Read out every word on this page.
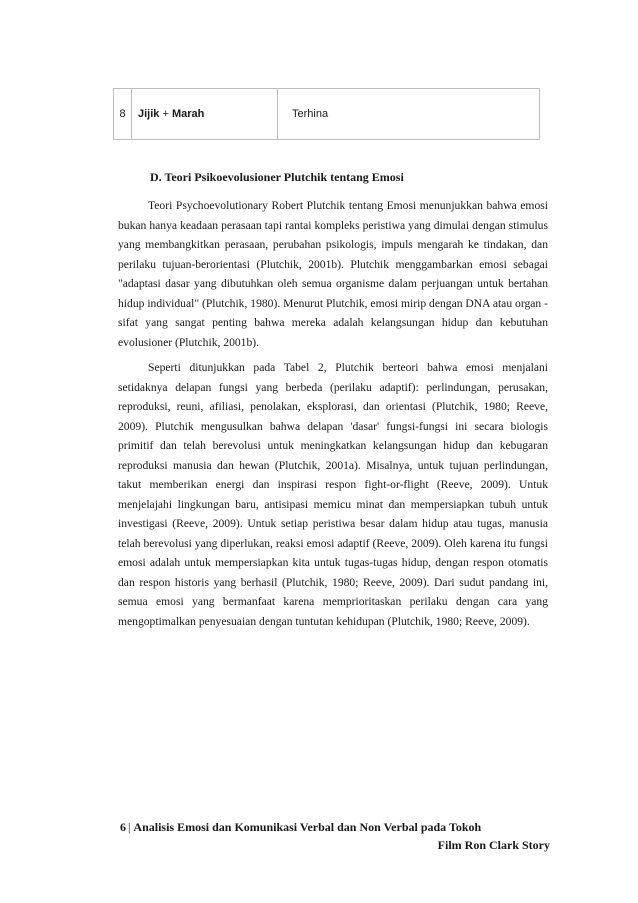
8	Jijik
+
Marah	Terhina
D. Teori Psikoevolusioner Plutchik tentang Emosi

Teori Psychoevolutionary Robert Plutchik tentang Emosi menunjukkan bahwa emosi bukan hanya keadaan perasaan tapi rantai kompleks peristiwa yang dimulai dengan stimulus yang membangkitkan perasaan, perubahan psikologis, impuls mengarah ke tindakan, dan perilaku tujuan-berorientasi (Plutchik, 2001b). Plutchik menggambarkan emosi sebagai "adaptasi dasar yang dibutuhkan oleh semua organisme dalam perjuangan untuk bertahan hidup individual" (Plutchik, 1980). Menurut Plutchik, emosi mirip dengan DNA atau organ - sifat yang sangat penting bahwa mereka adalah kelangsungan hidup dan kebutuhan evolusioner (Plutchik, 2001b).

Seperti ditunjukkan pada Tabel 2, Plutchik berteori bahwa emosi menjalani setidaknya delapan fungsi yang berbeda (perilaku adaptif): perlindungan, perusakan, reproduksi, reuni, afiliasi, penolakan, eksplorasi, dan orientasi (Plutchik, 1980; Reeve, 2009). Plutchik mengusulkan bahwa delapan 'dasar' fungsi-fungsi ini secara biologis primitif dan telah berevolusi untuk meningkatkan kelangsungan hidup dan kebugaran reproduksi manusia dan hewan (Plutchik, 2001a). Misalnya, untuk tujuan perlindungan, takut memberikan energi dan inspirasi respon fight-or-flight (Reeve, 2009). Untuk menjelajahi lingkungan baru, antisipasi memicu minat dan mempersiapkan tubuh untuk investigasi (Reeve, 2009). Untuk setiap peristiwa besar dalam hidup atau tugas, manusia telah berevolusi yang diperlukan, reaksi emosi adaptif (Reeve, 2009). Oleh karena itu fungsi emosi adalah untuk mempersiapkan kita untuk tugas-tugas hidup, dengan respon otomatis dan respon historis yang berhasil (Plutchik, 1980; Reeve, 2009). Dari sudut pandang ini, semua emosi yang bermanfaat karena memprioritaskan perilaku dengan cara yang mengoptimalkan penyesuaian dengan tuntutan kehidupan (Plutchik, 1980; Reeve, 2009).

6 | Analisis Emosi dan Komunikasi Verbal dan Non Verbal pada Tokoh
Film Ron Clark Story
